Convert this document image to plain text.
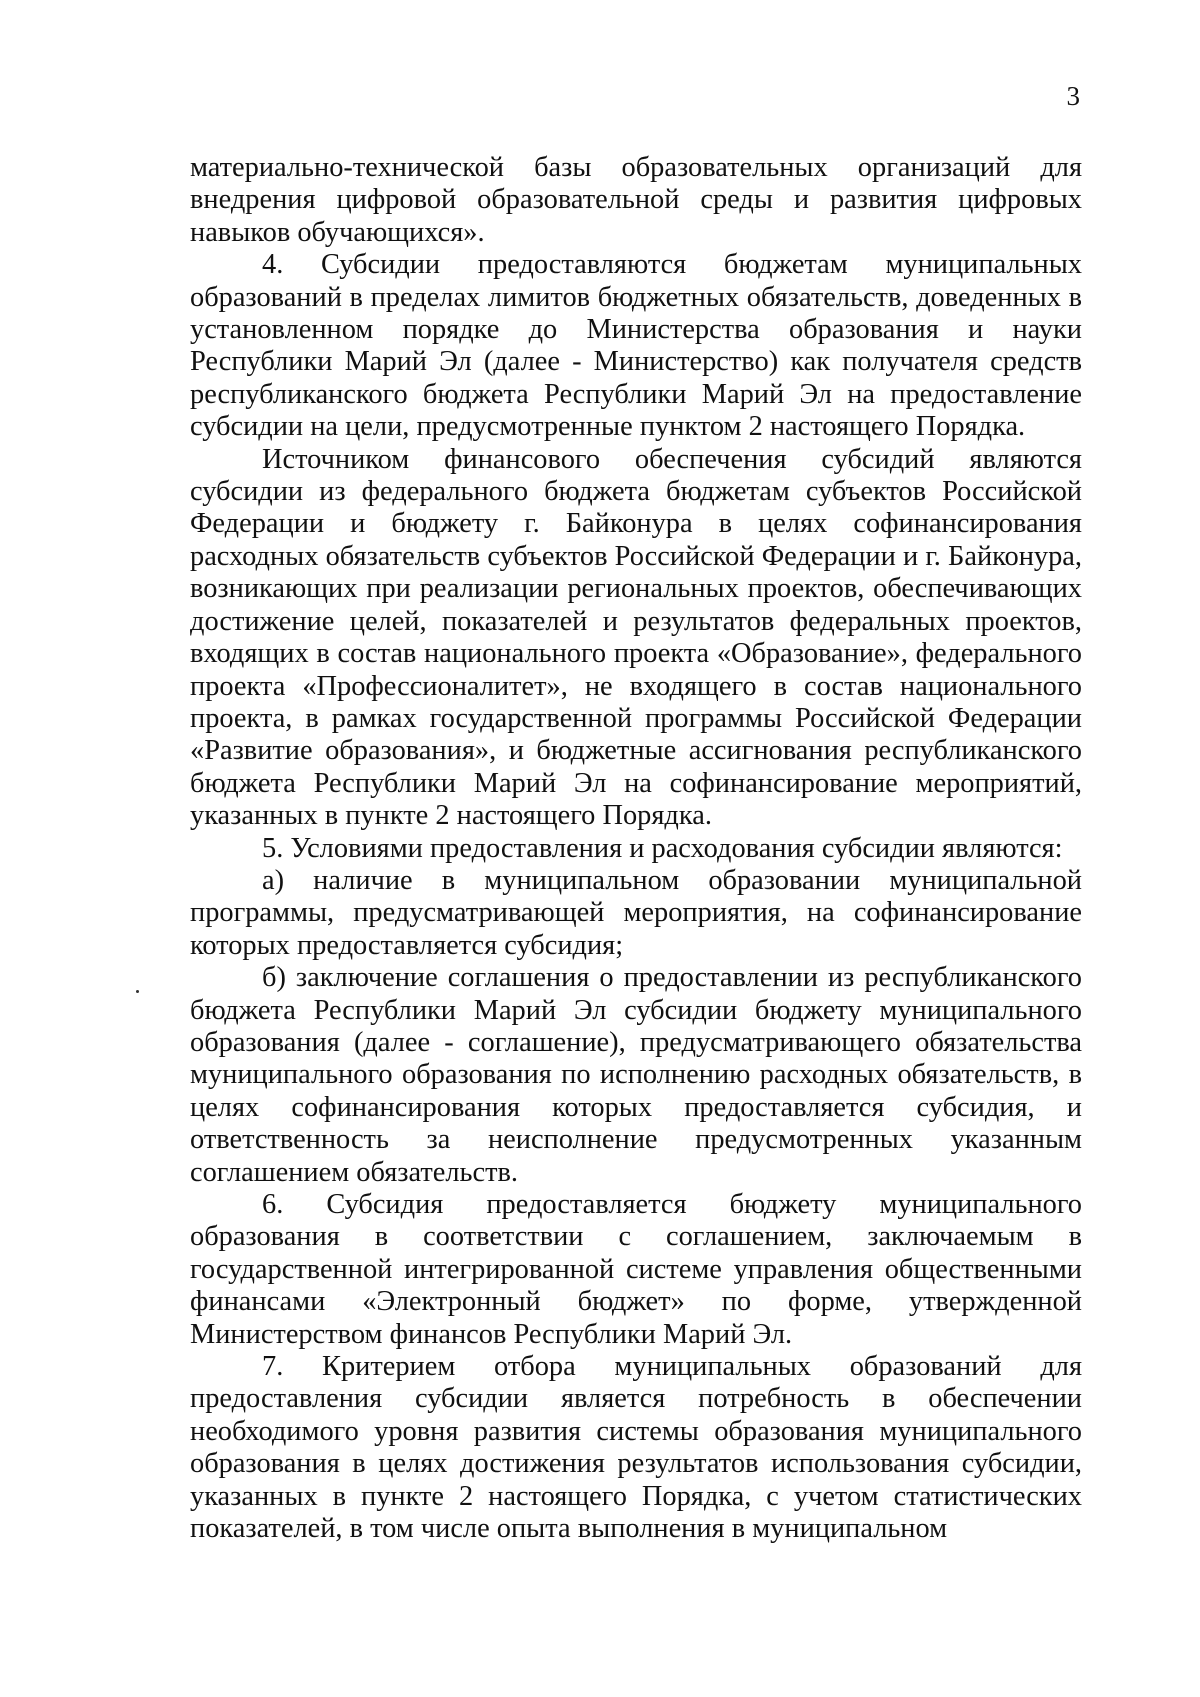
3

материально-технической базы образовательных организаций для внедрения цифровой образовательной среды и развития цифровых навыков обучающихся».

4. Субсидии предоставляются бюджетам муниципальных образований в пределах лимитов бюджетных обязательств, доведенных в установленном порядке до Министерства образования и науки Республики Марий Эл (далее - Министерство) как получателя средств республиканского бюджета Республики Марий Эл на предоставление субсидии на цели, предусмотренные пунктом 2 настоящего Порядка.

Источником финансового обеспечения субсидий являются субсидии из федерального бюджета бюджетам субъектов Российской Федерации и бюджету г. Байконура в целях софинансирования расходных обязательств субъектов Российской Федерации и г. Байконура, возникающих при реализации региональных проектов, обеспечивающих достижение целей, показателей и результатов федеральных проектов, входящих в состав национального проекта «Образование», федерального проекта «Профессионалитет», не входящего в состав национального проекта, в рамках государственной программы Российской Федерации «Развитие образования», и бюджетные ассигнования республиканского бюджета Республики Марий Эл на софинансирование мероприятий, указанных в пункте 2 настоящего Порядка.

5. Условиями предоставления и расходования субсидии являются:

а) наличие в муниципальном образовании муниципальной программы, предусматривающей мероприятия, на софинансирование которых предоставляется субсидия;

б) заключение соглашения о предоставлении из республиканского бюджета Республики Марий Эл субсидии бюджету муниципального образования (далее - соглашение), предусматривающего обязательства муниципального образования по исполнению расходных обязательств, в целях софинансирования которых предоставляется субсидия, и ответственность за неисполнение предусмотренных указанным соглашением обязательств.

6. Субсидия предоставляется бюджету муниципального образования в соответствии с соглашением, заключаемым в государственной интегрированной системе управления общественными финансами «Электронный бюджет» по форме, утвержденной Министерством финансов Республики Марий Эл.

7. Критерием отбора муниципальных образований для предоставления субсидии является потребность в обеспечении необходимого уровня развития системы образования муниципального образования в целях достижения результатов использования субсидии, указанных в пункте 2 настоящего Порядка, с учетом статистических показателей, в том числе опыта выполнения в муниципальном
